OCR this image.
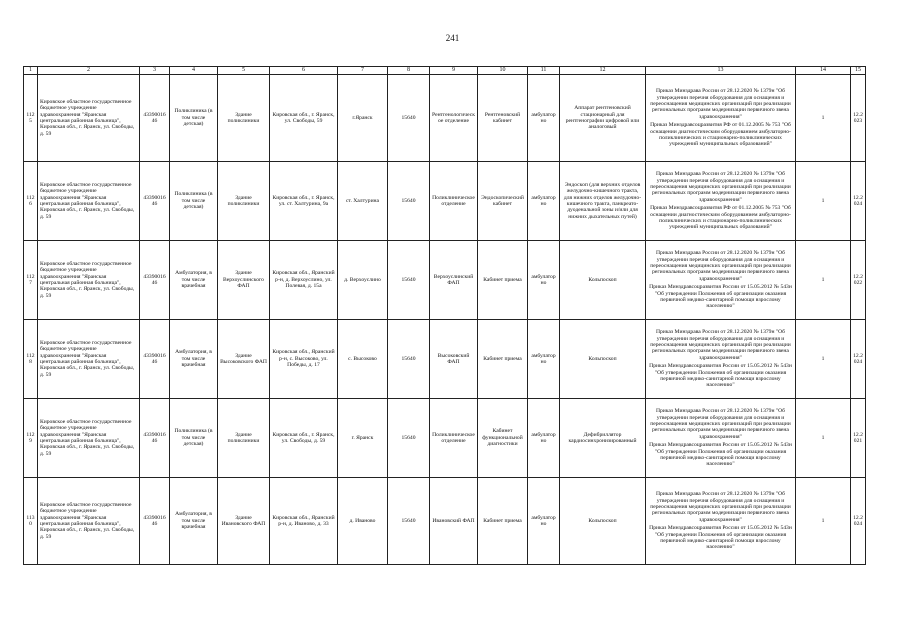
241
1	2	3	4	5	6	7	8	9	10	11	12	13	14	15
1125	Кировское областное государственное бюджетное учреждение здравоохранения "Яранская центральная районная больница", Кировская обл., г. Яранск, ул. Свободы, д. 59	4339001646	Поликлиника (в том числе детская)	Здание поликлиники	Кировская обл., г. Яранск, ул. Свободы, 59	г.Яранск	15640	Рентгенологическое отделение	Рентгеновский кабинет	амбулаторно	Аппарат рентгеновский стационарный для рентгенографии цифровой или аналоговый	Приказ Минздрава России от 28.12.2020 № 1379н "Об утверждении перечня оборудования для оснащения и переоснащения медицинских организаций при реализации региональных программ модернизации первичного звена здравоохранения"
Приказ Минздравсоцразвития РФ от 01.12.2005 № 753 "Об оснащении диагностическим оборудованием амбулаторно-поликлинических и стационарно-поликлинических учреждений муниципальных образований"	1	12.2023
1126	Кировское областное государственное бюджетное учреждение здравоохранения "Яранская центральная районная больница", Кировская обл., г. Яранск, ул. Свободы, д. 59	4339001646	Поликлиника (в том числе детская)	Здание поликлиники	Кировская обл., г. Яранск, ул. ст. Халтурина, 9а	ст. Халтурина	15640	Поликлиническое отделение	Эндоскопический кабинет	амбулаторно	Эндоскоп (для верхних отделов желудочно-кишечного тракта, для нижних отделов желудочно-кишечного тракта, панкреато-дуоденальной зоны и/или для нижних дыхательных путей)	Приказ Минздрава России от 28.12.2020 № 1379н "Об утверждении перечня оборудования для оснащения и переоснащения медицинских организаций при реализации региональных программ модернизации первичного звена здравоохранения"
Приказ Минздравсоцразвития РФ от 01.12.2005 № 753 "Об оснащении диагностическим оборудованием амбулаторно-поликлинических и стационарно-поликлинических учреждений муниципальных образований"	1	12.2024
1127	Кировское областное государственное бюджетное учреждение здравоохранения "Яранская центральная районная больница", Кировская обл., г. Яранск, ул. Свободы, д. 59	4339001646	Амбулатория, в том числе врачебная	Здание Верхоуслинского ФАП	Кировская обл., Яранский р-н, д. Верхоуслино, ул. Полевая, д. 15а	д. Верхоуслино	15640	Верхоуслинский ФАП	Кабинет приема	амбулаторно	Кольпоскоп	Приказ Минздрава России от 28.12.2020 № 1379н "Об утверждении перечня оборудования для оснащения и переоснащения медицинских организаций при реализации региональных программ модернизации первичного звена здравоохранения"
Приказ Минздравсоцразвития России от 15.05.2012 № 543н "Об утверждении Положения об организации оказания первичной медико-санитарной помощи взрослому населению"	1	12.2022
1128	Кировское областное государственное бюджетное учреждение здравоохранения "Яранская центральная районная больница", Кировская обл., г. Яранск, ул. Свободы, д. 59	4339001646	Амбулатория, в том числе врачебная	Здание Высоковского ФАП	Кировская обл., Яранский р-н, с. Высоково, ул. Победы, д. 17	с. Высоково	15640	Высоковский ФАП	Кабинет приема	амбулаторно	Кольпоскоп	Приказ Минздрава России от 28.12.2020 № 1379н "Об утверждении перечня оборудования для оснащения и переоснащения медицинских организаций при реализации региональных программ модернизации первичного звена здравоохранения"
Приказ Минздравсоцразвития России от 15.05.2012 № 543н "Об утверждении Положения об организации оказания первичной медико-санитарной помощи взрослому населению"	1	12.2024
1129	Кировское областное государственное бюджетное учреждение здравоохранения "Яранская центральная районная больница", Кировская обл., г. Яранск, ул. Свободы, д. 59	4339001646	Поликлиника (в том числе детская)	Здание поликлиники	Кировская обл., г. Яранск, ул. Свободы, д. 59	г. Яранск	15640	Поликлиническое отделение	Кабинет функциональной диагностики	амбулаторно	Дефибриллятор кардиосинхронизированный	Приказ Минздрава России от 28.12.2020 № 1379н "Об утверждении перечня оборудования для оснащения и переоснащения медицинских организаций при реализации региональных программ модернизации первичного звена здравоохранения"
Приказ Минздравсоцразвития России от 15.05.2012 № 543н "Об утверждении Положения об организации оказания первичной медико-санитарной помощи взрослому населению"	1	12.2021
1130	Кировское областное государственное бюджетное учреждение здравоохранения "Яранская центральная районная больница", Кировская обл., г. Яранск, ул. Свободы, д. 59	4339001646	Амбулатория, в том числе врачебная	Здание Ивановского ФАП	Кировская обл., Яранский р-н, д. Иваново, д. 33	д. Иваново	15640	Ивановский ФАП	Кабинет приема	амбулаторно	Кольпоскоп	Приказ Минздрава России от 28.12.2020 № 1379н "Об утверждении перечня оборудования для оснащения и переоснащения медицинских организаций при реализации региональных программ модернизации первичного звена здравоохранения"
Приказ Минздравсоцразвития России от 15.05.2012 № 543н "Об утверждении Положения об организации оказания первичной медико-санитарной помощи взрослому населению"	1	12.2024
